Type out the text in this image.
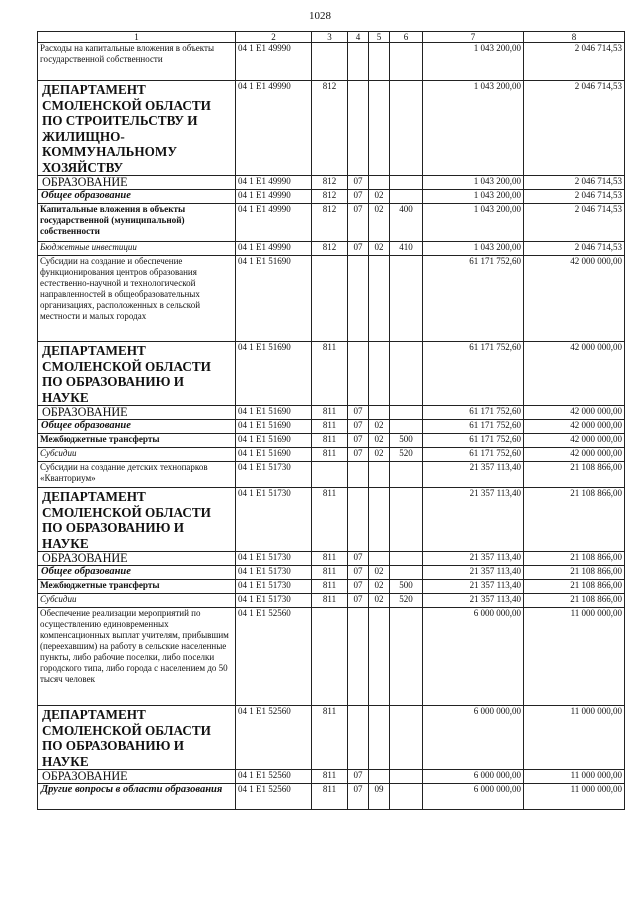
1028
1	2	3	4	5	6	7	8
Расходы на капитальные вложения в объекты государственной собственности	04 1 E1 49990					1 043 200,00	2 046 714,53
ДЕПАРТАМЕНТ СМОЛЕНСКОЙ ОБЛАСТИ ПО СТРОИТЕЛЬСТВУ И ЖИЛИЩНО-КОММУНАЛЬНОМУ ХОЗЯЙСТВУ	04 1 E1 49990	812				1 043 200,00	2 046 714,53
ОБРАЗОВАНИЕ	04 1 E1 49990	812	07			1 043 200,00	2 046 714,53
Общее образование	04 1 E1 49990	812	07	02		1 043 200,00	2 046 714,53
Капитальные вложения в объекты государственной (муниципальной) собственности	04 1 E1 49990	812	07	02	400	1 043 200,00	2 046 714,53
Бюджетные инвестиции	04 1 E1 49990	812	07	02	410	1 043 200,00	2 046 714,53
Субсидии на создание и обеспечение функционирования центров образования естественно-научной и технологической направленностей в общеобразовательных организациях, расположенных в сельской местности и малых городах	04 1 E1 51690					61 171 752,60	42 000 000,00
ДЕПАРТАМЕНТ СМОЛЕНСКОЙ ОБЛАСТИ ПО ОБРАЗОВАНИЮ И НАУКЕ	04 1 E1 51690	811				61 171 752,60	42 000 000,00
ОБРАЗОВАНИЕ	04 1 E1 51690	811	07			61 171 752,60	42 000 000,00
Общее образование	04 1 E1 51690	811	07	02		61 171 752,60	42 000 000,00
Межбюджетные трансферты	04 1 E1 51690	811	07	02	500	61 171 752,60	42 000 000,00
Субсидии	04 1 E1 51690	811	07	02	520	61 171 752,60	42 000 000,00
Субсидии на создание детских технопарков «Кванториум»	04 1 E1 51730					21 357 113,40	21 108 866,00
ДЕПАРТАМЕНТ СМОЛЕНСКОЙ ОБЛАСТИ ПО ОБРАЗОВАНИЮ И НАУКЕ	04 1 E1 51730	811				21 357 113,40	21 108 866,00
ОБРАЗОВАНИЕ	04 1 E1 51730	811	07			21 357 113,40	21 108 866,00
Общее образование	04 1 E1 51730	811	07	02		21 357 113,40	21 108 866,00
Межбюджетные трансферты	04 1 E1 51730	811	07	02	500	21 357 113,40	21 108 866,00
Субсидии	04 1 E1 51730	811	07	02	520	21 357 113,40	21 108 866,00
Обеспечение реализации мероприятий по осуществлению единовременных компенсационных выплат учителям, прибывшим (переехавшим) на работу в сельские населенные пункты, либо рабочие поселки, либо поселки городского типа, либо города с населением до 50 тысяч человек	04 1 E1 52560					6 000 000,00	11 000 000,00
ДЕПАРТАМЕНТ СМОЛЕНСКОЙ ОБЛАСТИ ПО ОБРАЗОВАНИЮ И НАУКЕ	04 1 E1 52560	811				6 000 000,00	11 000 000,00
ОБРАЗОВАНИЕ	04 1 E1 52560	811	07			6 000 000,00	11 000 000,00
Другие вопросы в области образования	04 1 E1 52560	811	07	09		6 000 000,00	11 000 000,00
